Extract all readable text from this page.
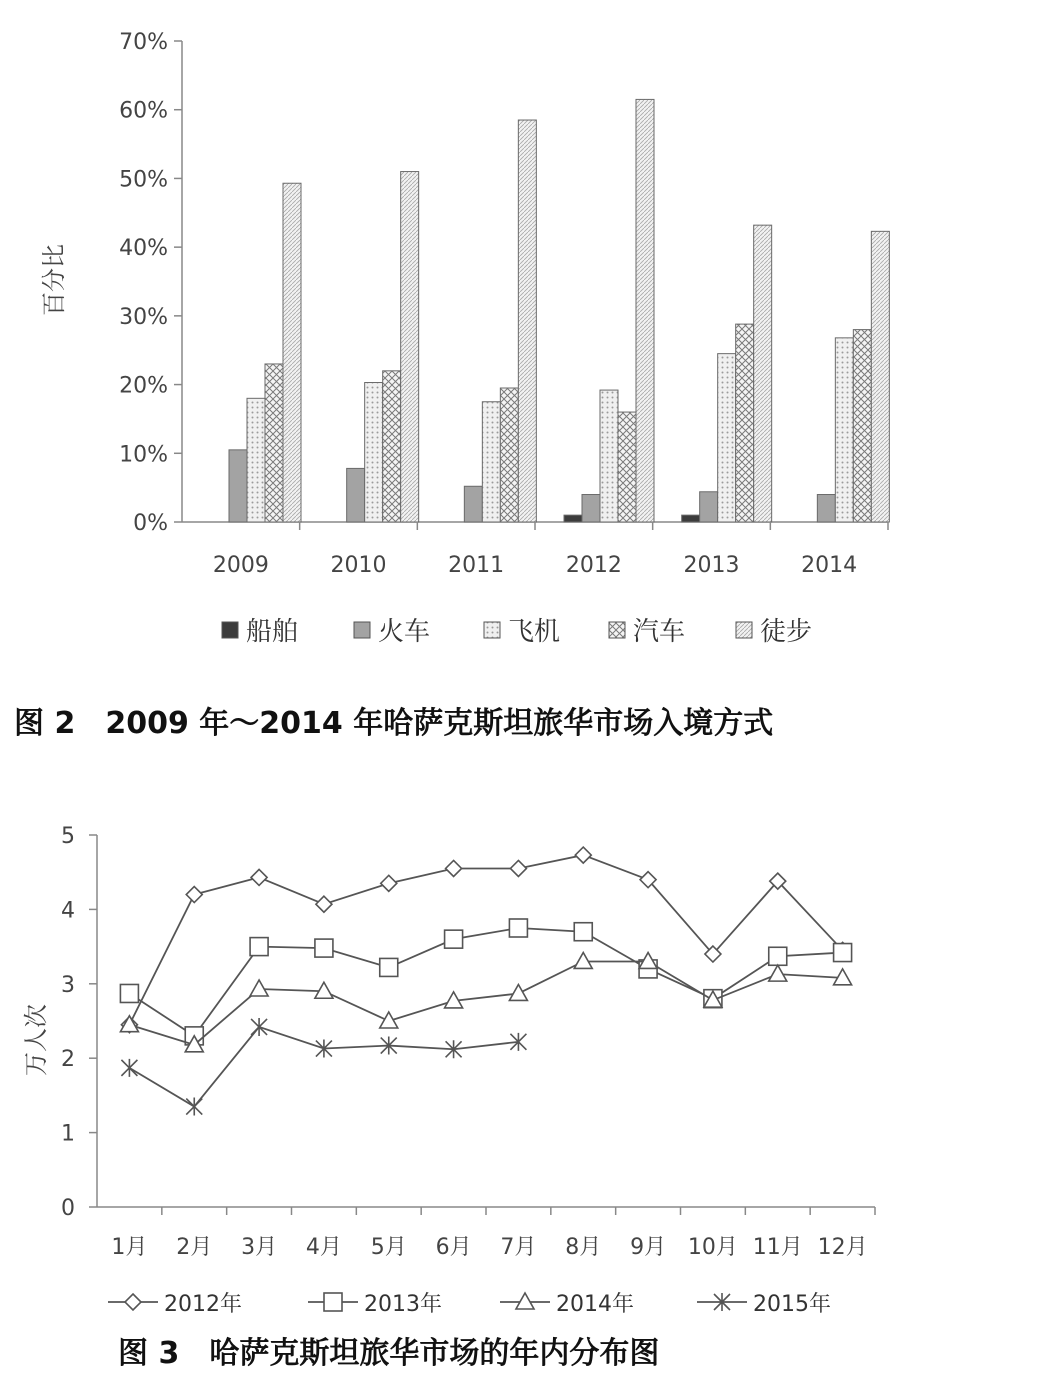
0%
10%
20%
30%
40%
50%
60%
70%
百分比
2009	2010	2011	2012	2013	2014
船舶	火车	飞机	汽车	徒步
0
1
2
3
4
5
万人次
1月 2月 3月 4月 5月 6月 7月 8月 9月 10月 11月 12月
2012年	2013年	2014年	2015年
图 2　2009 年～2014 年哈萨克斯坦旅华市场入境方式
图 3　哈萨克斯坦旅华市场的年内分布图
